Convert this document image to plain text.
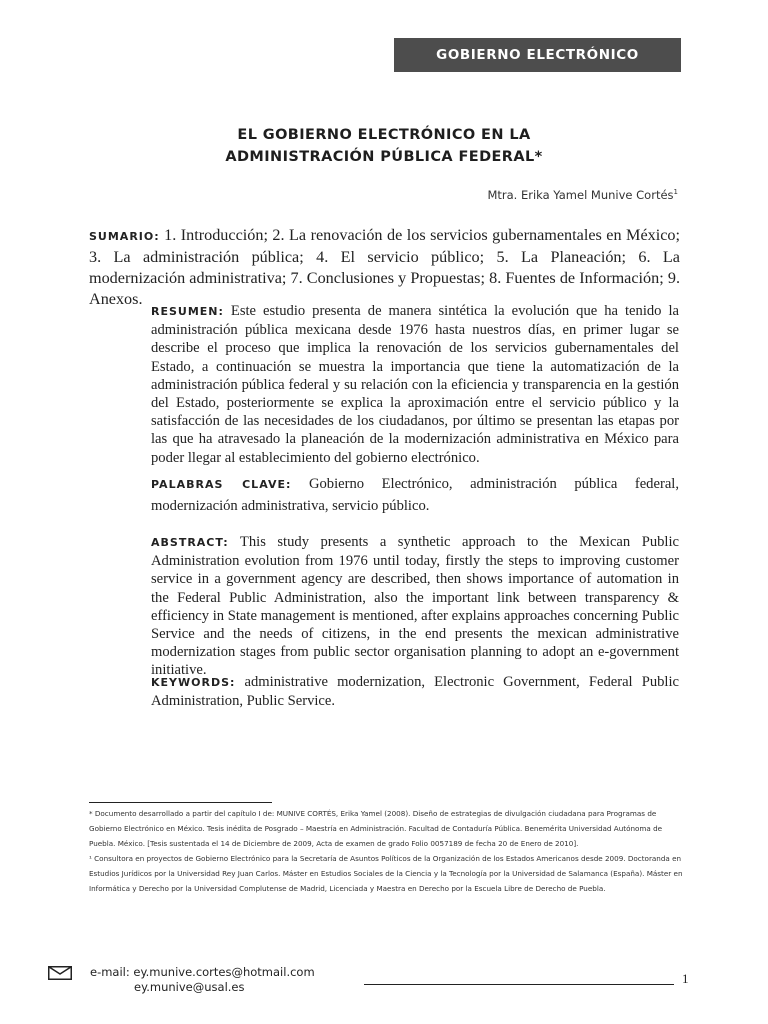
GOBIERNO ELECTRÓNICO
EL GOBIERNO ELECTRÓNICO EN LA
ADMINISTRACIÓN PÚBLICA FEDERAL*
Mtra. Erika Yamel Munive Cortés$^1$

SUMARIO: 1. Introducción; 2. La renovación de los servicios gubernamentales en México; 3. La administración pública; 4. El servicio público; 5. La Planeación; 6. La modernización administrativa; 7. Conclusiones y Propuestas; 8. Fuentes de Información; 9. Anexos.

RESUMEN: Este estudio presenta de manera sintética la evolución que ha tenido la administración pública mexicana desde 1976 hasta nuestros días, en primer lugar se describe el proceso que implica la renovación de los servicios gubernamentales del Estado, a continuación se muestra la importancia que tiene la automatización de la administración pública federal y su relación con la eficiencia y transparencia en la gestión del Estado, posteriormente se explica la aproximación entre el servicio público y la satisfacción de las necesidades de los ciudadanos, por último se presentan las etapas por las que ha atravesado la planeación de la modernización administrativa en México para poder llegar al establecimiento del gobierno electrónico.

PALABRAS CLAVE: Gobierno Electrónico, administración pública federal, modernización administrativa, servicio público.

ABSTRACT: This study presents a synthetic approach to the Mexican Public Administration evolution from 1976 until today, firstly the steps to improving customer service in a government agency are described, then shows importance of automation in the Federal Public Administration, also the important link between transparency & efficiency in State management is mentioned, after explains approaches concerning Public Service and the needs of citizens, in the end presents the mexican administrative modernization stages from public sector organisation planning to adopt an e-government initiative.

KEYWORDS: administrative modernization, Electronic Government, Federal Public Administration, Public Service.

* Documento desarrollado a partir del capítulo I de: MUNIVE CORTÉS, Erika Yamel (2008). Diseño de estrategias de divulgación ciudadana para Programas de Gobierno Electrónico en México. Tesis inédita de Posgrado – Maestría en Administración. Facultad de Contaduría Pública. Benemérita Universidad Autónoma de Puebla. México. [Tesis sustentada el 14 de Diciembre de 2009, Acta de examen de grado Folio 0057189 de fecha 20 de Enero de 2010].

¹ Consultora en proyectos de Gobierno Electrónico para la Secretaría de Asuntos Políticos de la Organización de los Estados Americanos desde 2009. Doctoranda en Estudios Jurídicos por la Universidad Rey Juan Carlos. Máster en Estudios Sociales de la Ciencia y la Tecnología por la Universidad de Salamanca (España). Máster en Informática y Derecho por la Universidad Complutense de Madrid, Licenciada y Maestra en Derecho por la Escuela Libre de Derecho de Puebla.

e-mail: ey.munive.cortes@hotmail.com
ey.munive@usal.es
1
